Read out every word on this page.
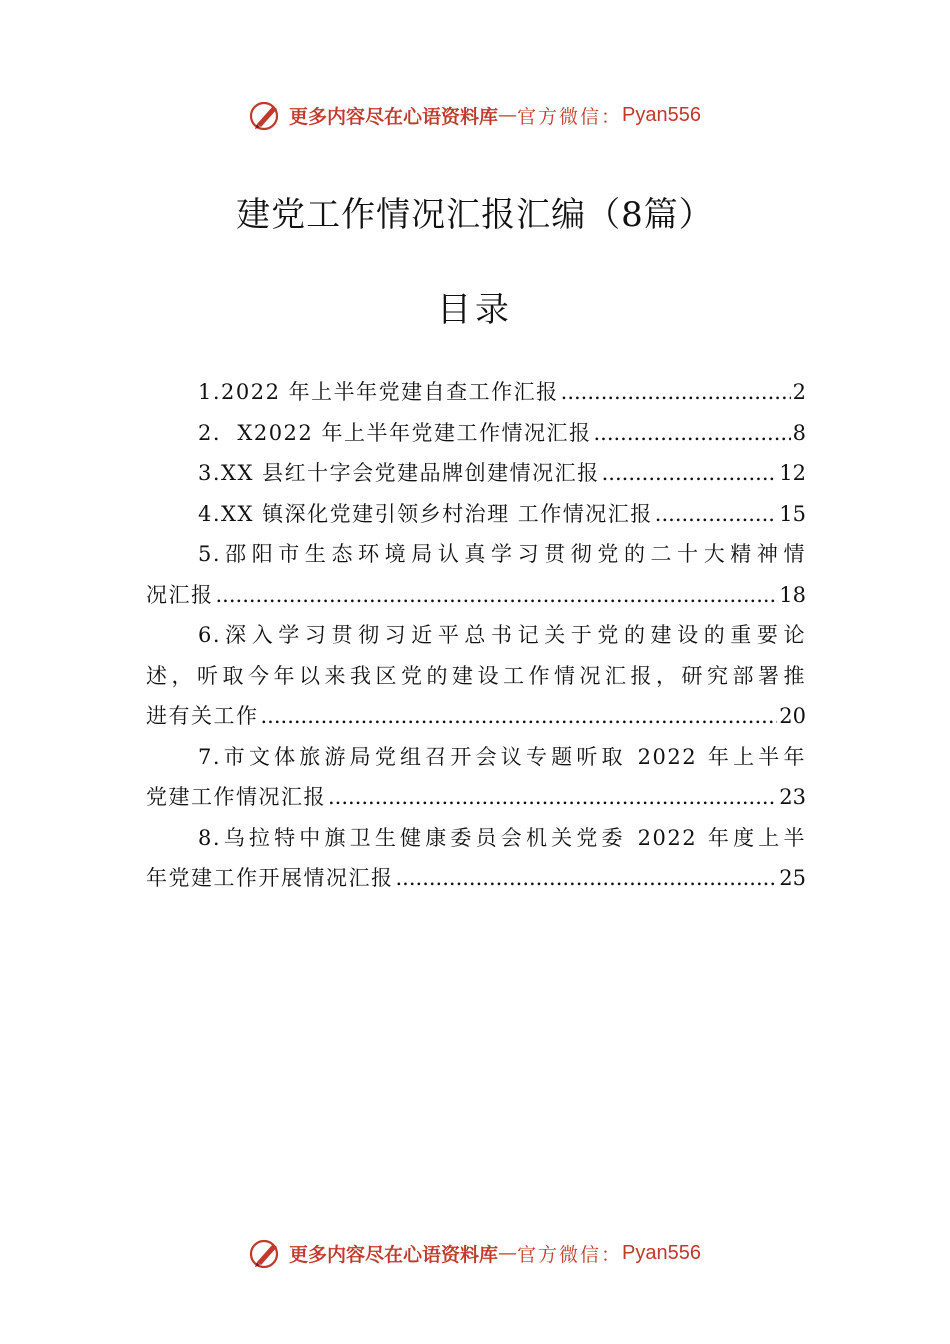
更多内容尽在心语资料库 — 官方微信： Pyan556
建党工作情况汇报汇编（8篇）
目录
1.2022 年上半年党建自查工作汇报 .....	2
2.  X2022 年上半年党建工作情况汇报 .....	8
3.XX 县红十字会党建品牌创建情况汇报 .....	12
4.XX 镇深化党建引领乡村治理 工作情况汇报 .....	15
5.邵阳市生态环境局认真学习贯彻党的二十大精神情
况汇报 .....	18
6.深入学习贯彻习近平总书记关于党的建设的重要论
述，听取今年以来我区党的建设工作情况汇报，研究部署推
进有关工作 .....	20
7.市文体旅游局党组召开会议专题听取 2022 年上半年
党建工作情况汇报 .....	23
8.乌拉特中旗卫生健康委员会机关党委 2022 年度上半
年党建工作开展情况汇报 .....	25
更多内容尽在心语资料库 — 官方微信： Pyan556
